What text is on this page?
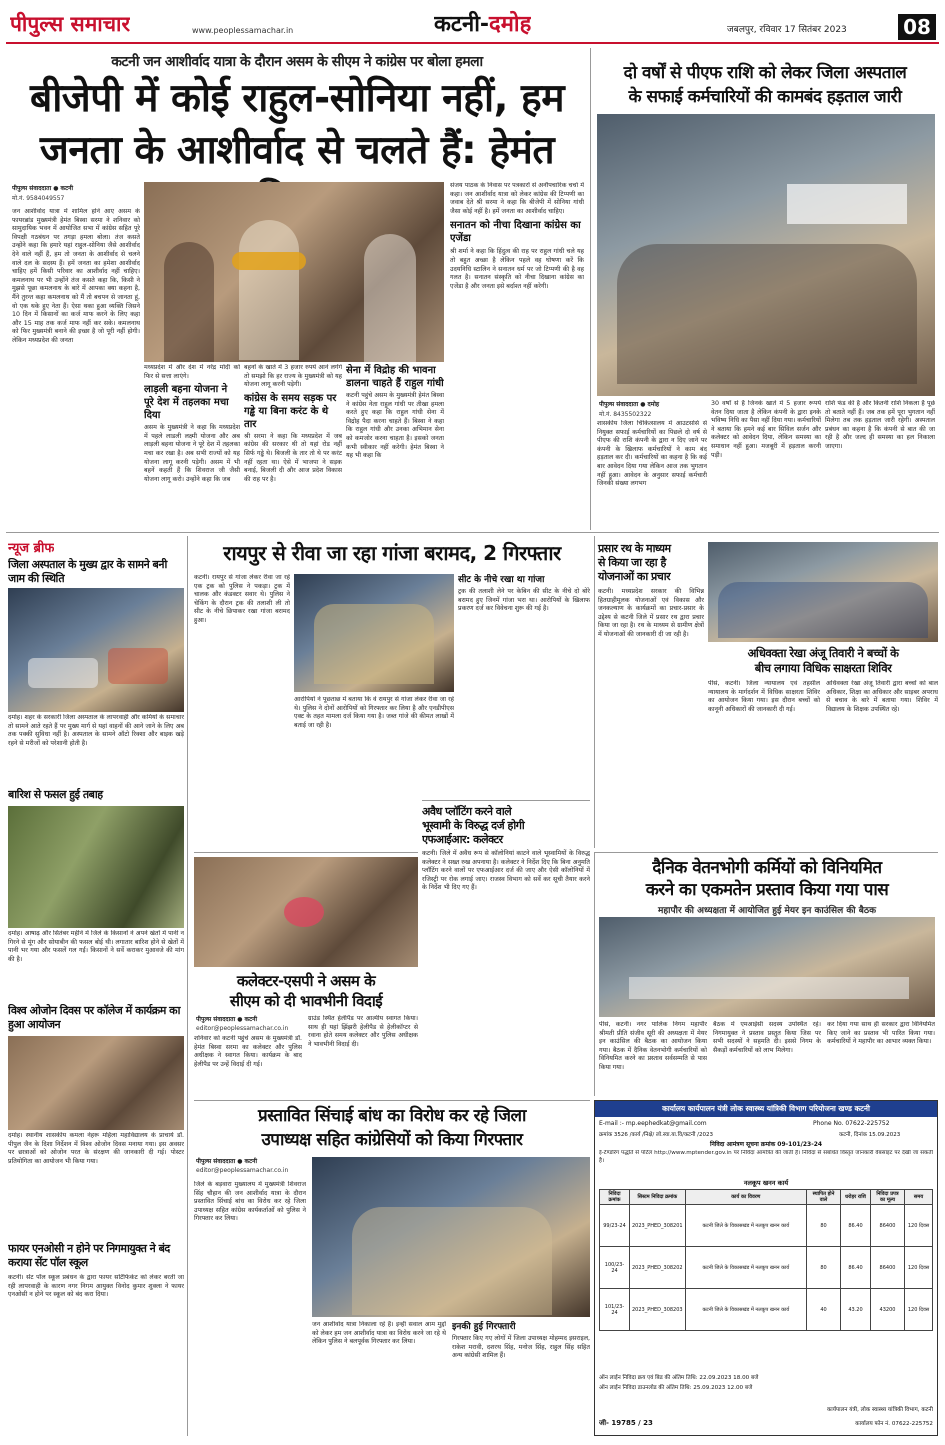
पीपुल्स समाचार	www.peoplessamachar.in	कटनी-दमोह	जबलपुर, रविवार 17 सितंबर 2023	08
कटनी जन आशीर्वाद यात्रा के दौरान असम के सीएम ने कांग्रेस पर बोला हमला
बीजेपी में कोई राहुल-सोनिया नहीं, हम
जनता के आशीर्वाद से चलते हैं: हेमंत
पीपुल्स संवाददाता ● कटनी
मो.नं. 9584049557
जन आशीर्वाद यात्रा में शामिल होने आए असम के फायरब्रांड मुख्यमंत्री हेमंत बिस्वा सरमा ने शनिवार को सामुदायिक भवन में आयोजित सभा में कांग्रेस सहित पूरे विपक्षी गठबंधन पर तगड़ा हमला बोला। तंज कसते उन्होंने कहा कि हमारे यहां राहुल-सोनिया जैसे आशीर्वाद देने वाले नहीं हैं, हम तो जनता के आशीर्वाद से चलने वाले दल के सदस्य हैं। हमें जनता का हमेशा आशीर्वाद चाहिए हमें किसी परिवार का आशीर्वाद नहीं चाहिए। कमलनाथ पर भी उन्होंने तंज कसते कहा कि, किसी ने मुझसे पूछा कमलनाथ के बारे में आपका क्या कहना है, मैंने तुरन्त कहा कमलनाथ को मैं तो बचपन से जानता हूं, वो एक थके हुए नेता हैं। ऐसा थका हुआ व्यक्ति जिसने 10 दिन में किसानों का कर्ज माफ करने के लिए कहा और 15 माह तक कर्ज माफ नहीं कर सके। कमलनाथ को फिर मुख्यमंत्री बनाने की इच्छा है जो पूरी नहीं होगी। लेकिन मध्यप्रदेश की जनता
मध्यप्रदेश में और देश में नरेंद्र मोदी को फिर से सत्ता लाएंगे।
लाड़ली बहना योजना ने पूरे देश में तहलका मचा दिया
असम के मुख्यमंत्री ने कहा कि मध्यप्रदेश में पहले लाडली लक्ष्मी योजना और अब लाड़ली बहना योजना ने पूरे देश में तहलका मचा कर रखा है। अब सभी राज्यों को यह योजना लागू करनी पड़ेगी। असम में भी बहनें कहती हैं कि शिवराज जी जैसी योजना लागू करो। उन्होंने कहा कि जब
बहनों के खाते में 3 हजार रुपये आने लगेंगे तो समझो कि हर राज्य के मुख्यमंत्री को यह योजना लागू करनी पड़ेगी।
कांग्रेस के समय सड़क पर गड्ढे या बिना करंट के थे तार
श्री सरमा ने कहा कि मध्यप्रदेश में जब कांग्रेस की सरकार थी तो यहां रोड नहीं सिर्फ गड्ढे थे। बिजली के तार तो थे पर करंट नहीं रहता था। ऐसे में भाजपा ने सड़क बनाई, बिजली दी और आज प्रदेश विकास की राह पर है।
सेना में विद्रोह की भावना डालना चाहते हैं राहुल गांधी
कटनी पहुंचे असम के मुख्यमंत्री हेमंत बिस्वा ने कांग्रेस नेता राहुल गांधी पर तीखा हमला करते हुए कहा कि राहुल गांधी सेना में विद्रोह पैदा करना चाहते हैं। बिस्वा ने कहा कि राहुल गांधी और उनका अभिमान सेना को कमजोर करना चाहता है। इसको जनता कभी स्वीकार नहीं करेगी। हेमंत बिस्वा ने यह भी कहा कि
संजय पाठक के निवास पर पत्रकारों से अनौपचारिक चर्चा में कहा। जन आशीर्वाद यात्रा को लेकर कांग्रेस की टिप्पणी का जवाब देते श्री सरमा ने कहा कि बीजेपी में सोनिया गांधी जैसा कोई नहीं है। हमें जनता का आशीर्वाद चाहिए।
सनातन को नीचा दिखाना कांग्रेस का एजेंडा
श्री शर्मा ने कहा कि हिंदुत्व की राह पर राहुल गांधी चले यह तो बहुत अच्छा है लेकिन पहले वह घोषणा करें कि उदयनिधि स्टालिन ने सनातन धर्म पर जो टिप्पणी की है वह गलत है। सनातन संस्कृति को नीचा दिखाना कांग्रेस का एजेंडा है और जनता इसे बर्दाश्त नहीं करेगी।
दो वर्षों से पीएफ राशि को लेकर जिला अस्पताल
के सफाई कर्मचारियों की कामबंद हड़ताल जारी
पीपुल्स संवाददाता ● दमोह
मो.नं. 8435502322
शासकीय जिला चिकित्सालय में आउटसोर्स से नियुक्त सफाई कर्मचारियों का पिछले दो वर्ष से पीएफ की राशि कंपनी के द्वारा न दिए जाने पर कंपनी के खिलाफ कर्मचारियों ने काम बंद हड़ताल कर दी। कर्मचारियों का कहना है कि कई बार आवेदन दिया गया लेकिन आज तक भुगतान नहीं हुआ। आवेदन के अनुसार सफाई कर्मचारी जिनकी संख्या लगभग
30 वर्षों से है जिनके खाते में 5 हजार रूपये वेतन दिया जाता है लेकिन कंपनी के द्वारा इनके भविष्य निधि का पैसा नहीं दिया गया। कर्मचारियों ने बताया कि हमने कई बार सिविल सर्जन और कलेक्टर को आवेदन दिया, लेकिन समस्या का समाधान नहीं हुआ। मजबूरी में हड़ताल करनी पड़ी।
राशि फंड की है और कितनी राशि निकला है पूछे तो बताते नहीं हैं। जब तक हमें पूरा भुगतान नहीं मिलेगा तब तक हड़ताल जारी रहेगी। अस्पताल प्रबंधन का कहना है कि कंपनी से बात की जा रही है और जल्द ही समस्या का हल निकाला जाएगा।
न्यूज ब्रीफ
जिला अस्पताल के मुख्य द्वार के सामने बनी जाम की स्थिति
दमोह। शहर के सरकारी जिला अस्पताल के लापरवाही और कमियों के समाचार तो सामने आते रहते हैं पर मुख्य मार्ग से यहां वाहनों की आने जाने के लिए अब तक पक्की सुविधा नहीं है। अस्पताल के सामने ऑटो रिक्शा और बाइक खड़े रहने से मरीजों को परेशानी होती है।
बारिश से फसल हुई तबाह
दमोह। आषाढ़ और सितंबर महीने में जिले के किसानों ने अपने खेतों में पानी न गिरने से मूंग और सोयाबीन की फसल बोई थी। लगातार बारिश होने से खेतों में पानी भर गया और फसलें गल गईं। किसानों ने सर्वे कराकर मुआवजे की मांग की है।
विश्व ओजोन दिवस पर कॉलेज में कार्यक्रम का हुआ आयोजन
दमोह। स्थानीय शासकीय कमला नेहरू महिला महाविद्यालय के प्राचार्य डॉ. पीपुल जैन के दिशा निर्देशन में विश्व ओजोन दिवस मनाया गया। इस अवसर पर छात्राओं को ओजोन परत के संरक्षण की जानकारी दी गई। पोस्टर प्रतियोगिता का आयोजन भी किया गया।
फायर एनओसी न होने पर निगमायुक्त ने बंद कराया सेंट पॉल स्कूल
कटनी। सेंट पॉल स्कूल प्रबंधन के द्वारा फायर सर्टिफिकेट को लेकर बरती जा रही लापरवाही के कारण नगर निगम आयुक्त विनोद कुमार शुक्ला ने फायर एनओसी न होने पर स्कूल को बंद करा दिया।
रायपुर से रीवा जा रहा गांजा बरामद, 2 गिरफ्तार
कटनी। रायपुर से गांजा लेकर रीवा जा रहे एक ट्रक को पुलिस ने पकड़ा। ट्रक में चालक और कंडक्टर सवार थे। पुलिस ने चेकिंग के दौरान ट्रक की तलाशी ली तो सीट के नीचे छिपाकर रखा गांजा बरामद हुआ।
आरोपियों ने पूछताछ में बताया कि वे रायपुर से गांजा लेकर रीवा जा रहे थे। पुलिस ने दोनों आरोपियों को गिरफ्तार कर लिया है और एनडीपीएस एक्ट के तहत मामला दर्ज किया गया है। जब्त गांजे की कीमत लाखों में बताई जा रही है।
सीट के नीचे रखा था गांजा
ट्रक की तलाशी लेने पर केबिन की सीट के नीचे दो बोरे बरामद हुए जिनमें गांजा भरा था। आरोपियों के खिलाफ प्रकरण दर्ज कर विवेचना शुरू की गई है।
प्रसार रथ के माध्यम
से किया जा रहा है
योजनाओं का प्रचार
कटनी। मध्यप्रदेश सरकार की विभिन्न हितग्राहीमूलक योजनाओं एवं विकास और जनकल्याण के कार्यक्रमों का प्रचार-प्रसार के उद्देश्य से कटनी जिले में प्रसार रथ द्वारा प्रचार किया जा रहा है। रथ के माध्यम से ग्रामीण क्षेत्रों में योजनाओं की जानकारी दी जा रही है।
अधिवक्ता रेखा अंजू तिवारी ने बच्चों के
बीच लगाया विधिक साक्षरता शिविर
पीसं, कटनी। जिला न्यायालय एवं तहसील न्यायालय के मार्गदर्शन में विधिक साक्षरता शिविर का आयोजन किया गया। इस दौरान बच्चों को कानूनी अधिकारों की जानकारी दी गई।
अधिवक्ता रेखा अंजू तिवारी द्वारा बच्चों को बाल अधिकार, शिक्षा का अधिकार और साइबर अपराध से बचाव के बारे में बताया गया। शिविर में विद्यालय के शिक्षक उपस्थित रहे।
अवैध प्लॉटिंग करने वाले
भूस्वामी के विरुद्ध दर्ज होगी
एफआईआर: कलेक्टर
कटनी। जिले में अवैध रूप से कॉलोनियां काटने वाले भूस्वामियों के विरुद्ध कलेक्टर ने सख्त रुख अपनाया है। कलेक्टर ने निर्देश दिए कि बिना अनुमति प्लॉटिंग करने वालों पर एफआईआर दर्ज की जाए और ऐसी कॉलोनियों में रजिस्ट्री पर रोक लगाई जाए। राजस्व विभाग को सर्वे कर सूची तैयार करने के निर्देश भी दिए गए हैं।
कलेक्टर-एसपी ने असम के
सीएम को दी भावभीनी विदाई
पीपुल्स संवाददाता ● कटनी
editor@peoplessamachar.co.in
शनिवार को कटनी पहुंचे असम के मुख्यमंत्री डॉ. हेमंत बिस्वा सरमा का कलेक्टर और पुलिस अधीक्षक ने स्वागत किया। कार्यक्रम के बाद हेलीपैड पर उन्हें विदाई दी गई।
ग्राउंड स्थित हेलीपैड पर आत्मीय स्वागत किया। साथ ही यहां झिंझरी हेलीपैड से हेलीकॉप्टर से रवाना होते समय कलेक्टर और पुलिस अधीक्षक ने भावभीनी विदाई दी।
दैनिक वेतनभोगी कर्मियों को विनियमित
करने का एकमतेन प्रस्ताव किया गया पास
महापौर की अध्यक्षता में आयोजित हुई मेयर इन काउंसिल की बैठक
पीसं, कटनी। नगर पालिक निगम महापौर श्रीमती प्रीति संजीव सूरी की अध्यक्षता में मेयर इन काउंसिल की बैठक का आयोजन किया गया। बैठक में दैनिक वेतनभोगी कर्मचारियों को विनियमित करने का प्रस्ताव सर्वसम्मति से पास किया गया।
बैठक में एमआईसी सदस्य उपस्थित रहे। निगमायुक्त ने प्रस्ताव प्रस्तुत किया जिस पर सभी सदस्यों ने सहमति दी। इससे निगम के सैकड़ों कर्मचारियों को लाभ मिलेगा।
कर दिया गया साथ ही सरकार द्वारा विनियमित किए जाने का प्रस्ताव भी पारित किया गया। कर्मचारियों ने महापौर का आभार व्यक्त किया।
प्रस्तावित सिंचाई बांध का विरोध कर रहे जिला
उपाध्यक्ष सहित कांग्रेसियों को किया गिरफ्तार
पीपुल्स संवाददाता ● कटनी
editor@peoplessamachar.co.in
जिले के बड़वारा मुख्यालय में मुख्यमंत्री शिवराज सिंह चौहान की जन आशीर्वाद यात्रा के दौरान प्रस्तावित सिंचाई बांध का विरोध कर रहे जिला उपाध्यक्ष सहित कांग्रेस कार्यकर्ताओं को पुलिस ने गिरफ्तार कर लिया।
जन आशीर्वाद यात्रा निकाला रहे हैं। इन्हीं सवाल आम मुद्दों को लेकर हम जन आशीर्वाद यात्रा का विरोध करने जा रहे थे लेकिन पुलिस ने बलपूर्वक गिरफ्तार कर लिया।
इनकी हुई गिरफ्तारी
गिरफ्तार किए गए लोगों में जिला उपाध्यक्ष मोहम्मद इसराइल, राकेश मरावी, दशरथ सिंह, मनोज सिंह, राहुल सिंह सहित अन्य कांग्रेसी शामिल हैं।
कार्यालय कार्यपालन यंत्री लोक स्वास्थ्य यांत्रिकी विभाग परियोजना खण्ड कटनी
E-mail :- mp.eephedkat@gmail.com	Phone No. 07622-225752
क्रमांक 3526 /कार्य /निक्षे/ लो.स्वा.या.वि/कटनी /2023	कटनी, दिनांक 15.09.2023
निविदा आमंत्रण सूचना क्रमांक 09-101/23-24
ई-टेण्डरिंग पद्धति से पोर्टल http://www.mptender.gov.in पर निविदा आमंत्रित की जाती है। निविदा से संबंधित विस्तृत जानकारी वेबसाइट पर देखी जा सकती है।
नलकूप खनन कार्य
निविदा क्रमांक	सिस्टम निविदा क्रमांक	कार्य का विवरण	स्थापित होने वाले	धरोहर राशि	निविदा प्रपत्र का मूल्य	समय
99/23-24	2023_PHED_308201	कटनी जिले के विकासखंड में नलकूप खनन कार्य	80	86.40	86400	120 दिवस
100/23-24	2023_PHED_308202	कटनी जिले के विकासखंड में नलकूप खनन कार्य	80	86.40	86400	120 दिवस
101/23-24	2023_PHED_308203	कटनी जिले के विकासखंड में नलकूप खनन कार्य	40	43.20	43200	120 दिवस
ऑन लाईन निविदा क्रय एवं बिड की अंतिम तिथि: 22.09.2023 18.00 बजे
ऑन लाईन निविदा डाउनलोड की अंतिम तिथि: 25.09.2023 12.00 बजे
जी- 19785 / 23
कार्यपालन यंत्री, लोक स्वास्थ्य यांत्रिकी विभाग, कटनी
कार्यालय फोन नं. 07622-225752
